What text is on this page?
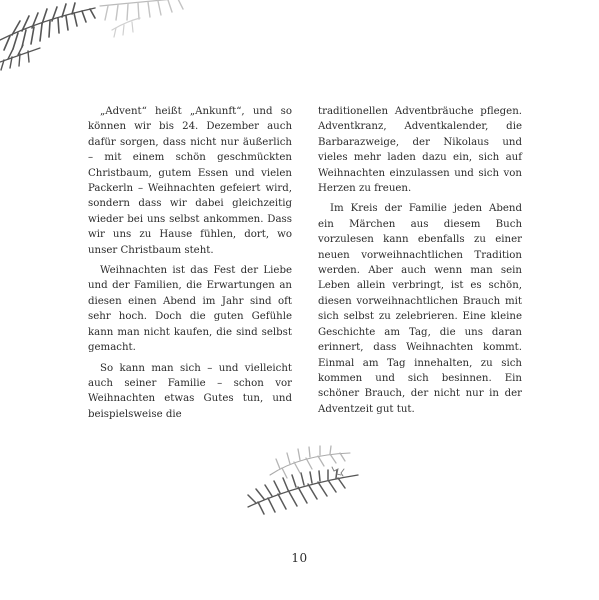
„Advent“ heißt „Ankunft“, und so können wir bis 24. Dezember auch dafür sorgen, dass nicht nur äußerlich – mit einem schön geschmückten Christbaum, gutem Essen und vielen Packerln – Weihnachten gefeiert wird, sondern dass wir dabei gleichzeitig wieder bei uns selbst ankommen. Dass wir uns zu Hause fühlen, dort, wo unser Christbaum steht.

Weihnachten ist das Fest der Liebe und der Familien, die Erwartungen an diesen einen Abend im Jahr sind oft sehr hoch. Doch die guten Gefühle kann man nicht kaufen, die sind selbst gemacht.

So kann man sich – und vielleicht auch seiner Familie – schon vor Weihnachten etwas Gutes tun, und beispielsweise die

traditionellen Adventbräuche pflegen. Adventkranz, Adventkalender, die Barbarazweige, der Nikolaus und vieles mehr laden dazu ein, sich auf Weihnachten einzulassen und sich von Herzen zu freuen.

Im Kreis der Familie jeden Abend ein Märchen aus diesem Buch vorzulesen kann ebenfalls zu einer neuen vorweihnachtlichen Tradition werden. Aber auch wenn man sein Leben allein verbringt, ist es schön, diesen vorweihnachtlichen Brauch mit sich selbst zu zelebrieren. Eine kleine Geschichte am Tag, die uns daran erinnert, dass Weihnachten kommt. Einmal am Tag innehalten, zu sich kommen und sich besinnen. Ein schöner Brauch, der nicht nur in der Adventzeit gut tut.

10
